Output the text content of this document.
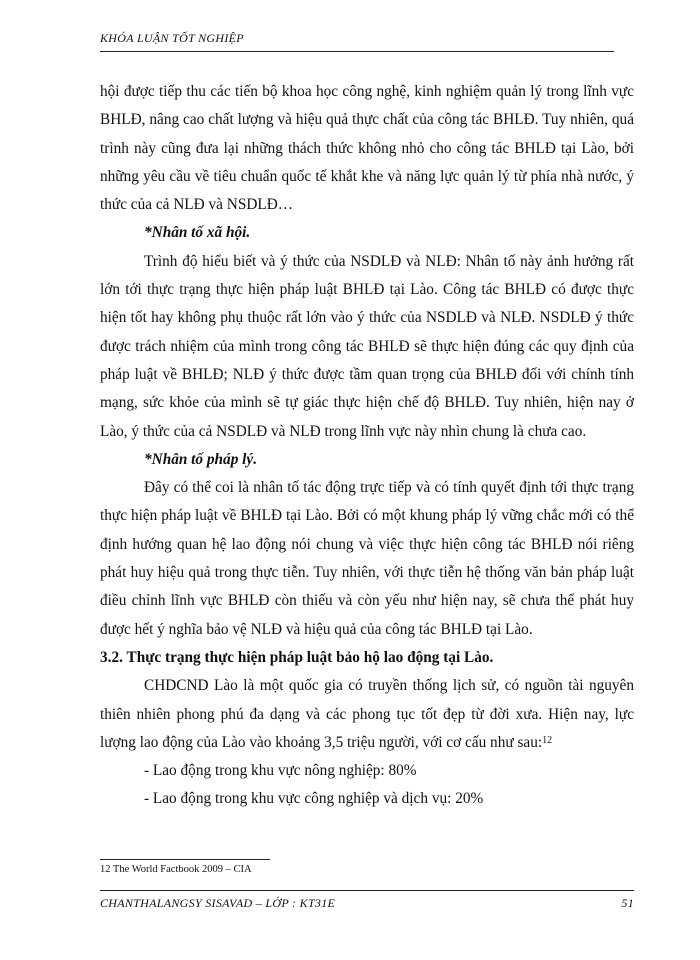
KHÓA LUẬN TỐT NGHIỆP

hội được tiếp thu các tiến bộ khoa học công nghệ, kinh nghiệm quản lý trong lĩnh vực BHLĐ, nâng cao chất lượng và hiệu quả thực chất của công tác BHLĐ. Tuy nhiên, quá trình này cũng đưa lại những thách thức không nhỏ cho công tác BHLĐ tại Lào, bởi những yêu cầu về tiêu chuẩn quốc tế khắt khe và năng lực quản lý từ phía nhà nước, ý thức của cả NLĐ và NSDLĐ…

*Nhân tố xã hội.

Trình độ hiểu biết và ý thức của NSDLĐ và NLĐ: Nhân tố này ảnh hưởng rất lớn tới thực trạng thực hiện pháp luật BHLĐ tại Lào. Công tác BHLĐ có được thực hiện tốt hay không phụ thuộc rất lớn vào ý thức của NSDLĐ và NLĐ. NSDLĐ ý thức được trách nhiệm của mình trong công tác BHLĐ sẽ thực hiện đúng các quy định của pháp luật về BHLĐ; NLĐ ý thức được tầm quan trọng của BHLĐ đối với chính tính mạng, sức khỏe của mình sẽ tự giác thực hiện chế độ BHLĐ. Tuy nhiên, hiện nay ở Lào, ý thức của cả NSDLĐ và NLĐ trong lĩnh vực này nhìn chung là chưa cao.

*Nhân tố pháp lý.

Đây có thể coi là nhân tố tác động trực tiếp và có tính quyết định tới thực trạng thực hiện pháp luật về BHLĐ tại Lào. Bởi có một khung pháp lý vững chắc mới có thể định hướng quan hệ lao động nói chung và việc thực hiện công tác BHLĐ nói riêng phát huy hiệu quả trong thực tiễn. Tuy nhiên, với thực tiễn hệ thống văn bản pháp luật điều chỉnh lĩnh vực BHLĐ còn thiếu và còn yếu như hiện nay, sẽ chưa thể phát huy được hết ý nghĩa bảo vệ NLĐ và hiệu quả của công tác BHLĐ tại Lào.

3.2. Thực trạng thực hiện pháp luật bảo hộ lao động tại Lào.

CHDCND Lào là một quốc gia có truyền thống lịch sử, có nguồn tài nguyên thiên nhiên phong phú đa dạng và các phong tục tốt đẹp từ đời xưa. Hiện nay, lực lượng lao động của Lào vào khoảng 3,5 triệu người, với cơ cấu như sau:$^{12}$

- Lao động trong khu vực nông nghiệp: 80%

- Lao động trong khu vực công nghiệp và dịch vụ: 20%

12 The World Factbook 2009 – CIA
CHANTHALANGSY SISAVAD – LỚP : KT31E	51
